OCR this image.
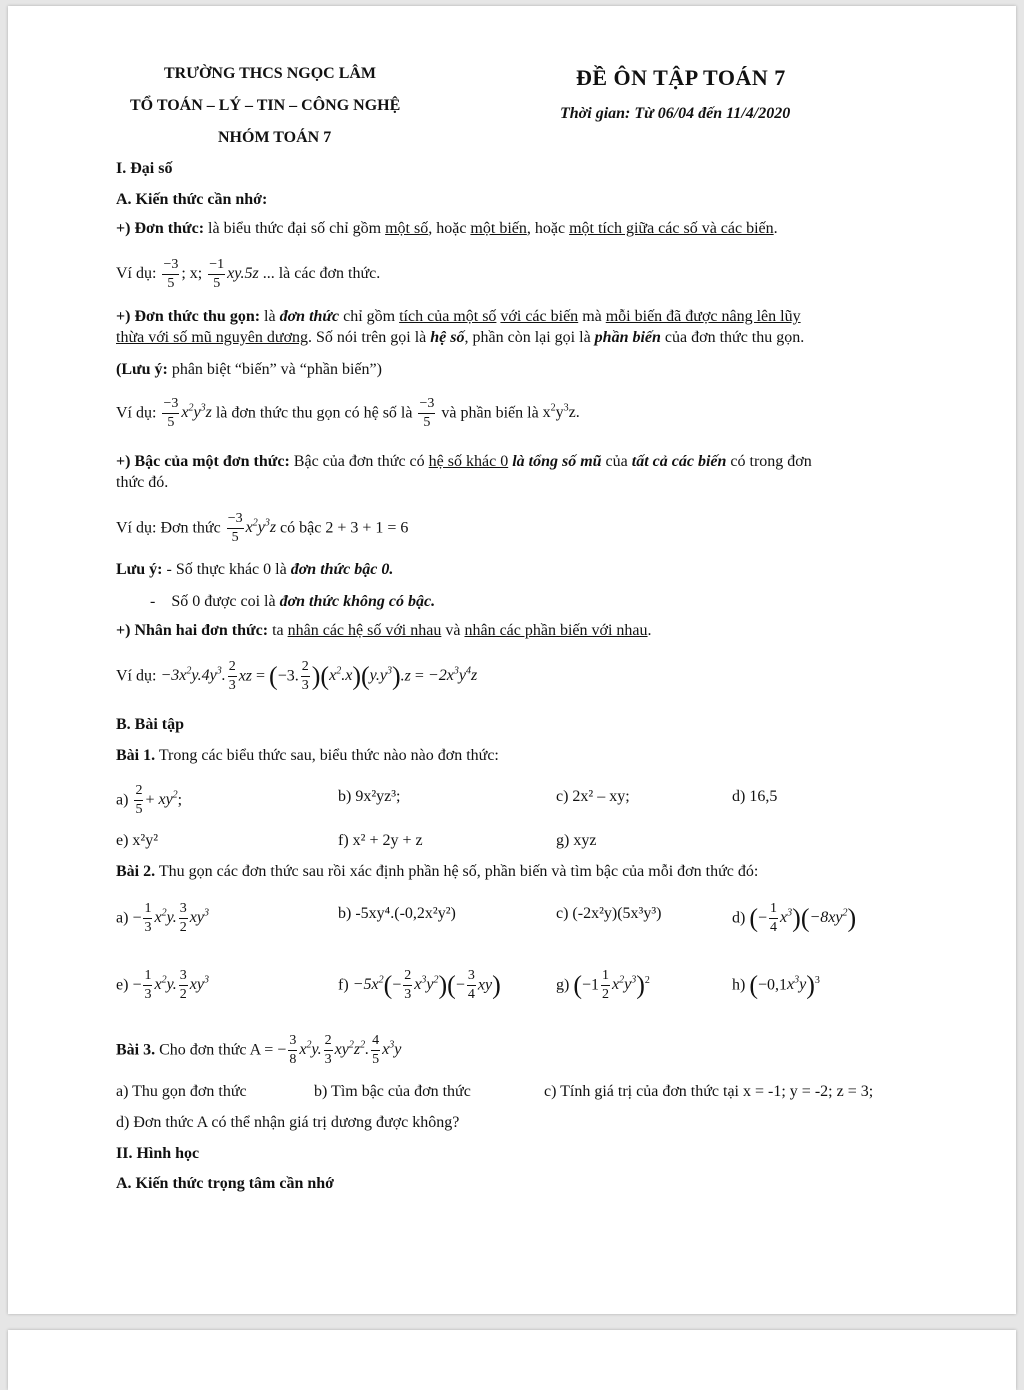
TRƯỜNG THCS NGỌC LÂM
TỔ TOÁN – LÝ – TIN – CÔNG NGHỆ
NHÓM TOÁN 7
ĐỀ ÔN TẬP TOÁN 7
Thời gian: Từ 06/04 đến 11/4/2020
I. Đại số
A. Kiến thức cần nhớ:
+) Đơn thức: là biểu thức đại số chỉ gồm một số, hoặc một biến, hoặc một tích giữa các số và các biến.
Ví dụ: $\frac{-3}{5}$ ; x; $\frac{-1}{5} xy.5z$ ... là các đơn thức.
+) Đơn thức thu gọn: là đơn thức chỉ gồm tích của một số với các biến mà mỗi biến đã được nâng lên lũy
thừa với số mũ nguyên dương. Số nói trên gọi là hệ số, phần còn lại gọi là phần biến của đơn thức thu gọn.
(Lưu ý: phân biệt “biến” và “phần biến”)
Ví dụ: $\frac{-3}{5} x^2y^3z$ là đơn thức thu gọn có hệ số là $\frac{-3}{5}$ và phần biến là $x^2y^3z$.
+) Bậc của một đơn thức: Bậc của đơn thức có hệ số khác 0 là tổng số mũ của tất cả các biến có trong đơn
thức đó.
Ví dụ: Đơn thức $\frac{-3}{5} x^2y^3z$ có bậc 2 + 3 + 1 = 6
Lưu ý: - Số thực khác 0 là đơn thức bậc 0.
- Số 0 được coi là đơn thức không có bậc.
+) Nhân hai đơn thức: ta nhân các hệ số với nhau và nhân các phần biến với nhau.
Ví dụ: $-3x^2y.4y^3$. $\frac{2}{3}$ xz = (−3. $\frac{2}{3} )(x^2.x)(y.y^3).z = -2x^3y^4z$
B. Bài tập
Bài 1. Trong các biểu thức sau, biểu thức nào nào đơn thức:
$a) \frac{2}{5} + xy^2$;	b) 9x²yz³;	c) 2x² – xy;	d) 16,5
e) x²y²	f) x² + 2y + z	g) xyz
Bài 2. Thu gọn các đơn thức sau rồi xác định phần hệ số, phần biến và tìm bậc của mỗi đơn thức đó:
$a) - \frac{1}{3} x^2y$. $\frac{3}{2} xy^3$	b) -5xy⁴.(-0,2x²y²)	c) (-2x²y)(5x³y³)	d) (− $\frac{1}{4} x^3)(-8xy^2)$
$e) - \frac{1}{3} x^2y$. $\frac{3}{2} xy^3$	$f) -5x^2(- \frac{2}{3} x^3y^2)(- \frac{3}{4} xy)$	g) $(-1 \frac{1}{2} x^2y^3)^2$	h) $(-0,1x^3y)^3$
Bài 3. Cho đơn thức A = − $\frac{3}{8} x^2y$. $\frac{2}{3} xy^2z^2$. $\frac{4}{5} x^3y$
a) Thu gọn đơn thức	b) Tìm bậc của đơn thức	c) Tính giá trị của đơn thức tại x = -1; y = -2; z = 3;
d) Đơn thức A có thể nhận giá trị dương được không?
II. Hình học
A. Kiến thức trọng tâm cần nhớ
